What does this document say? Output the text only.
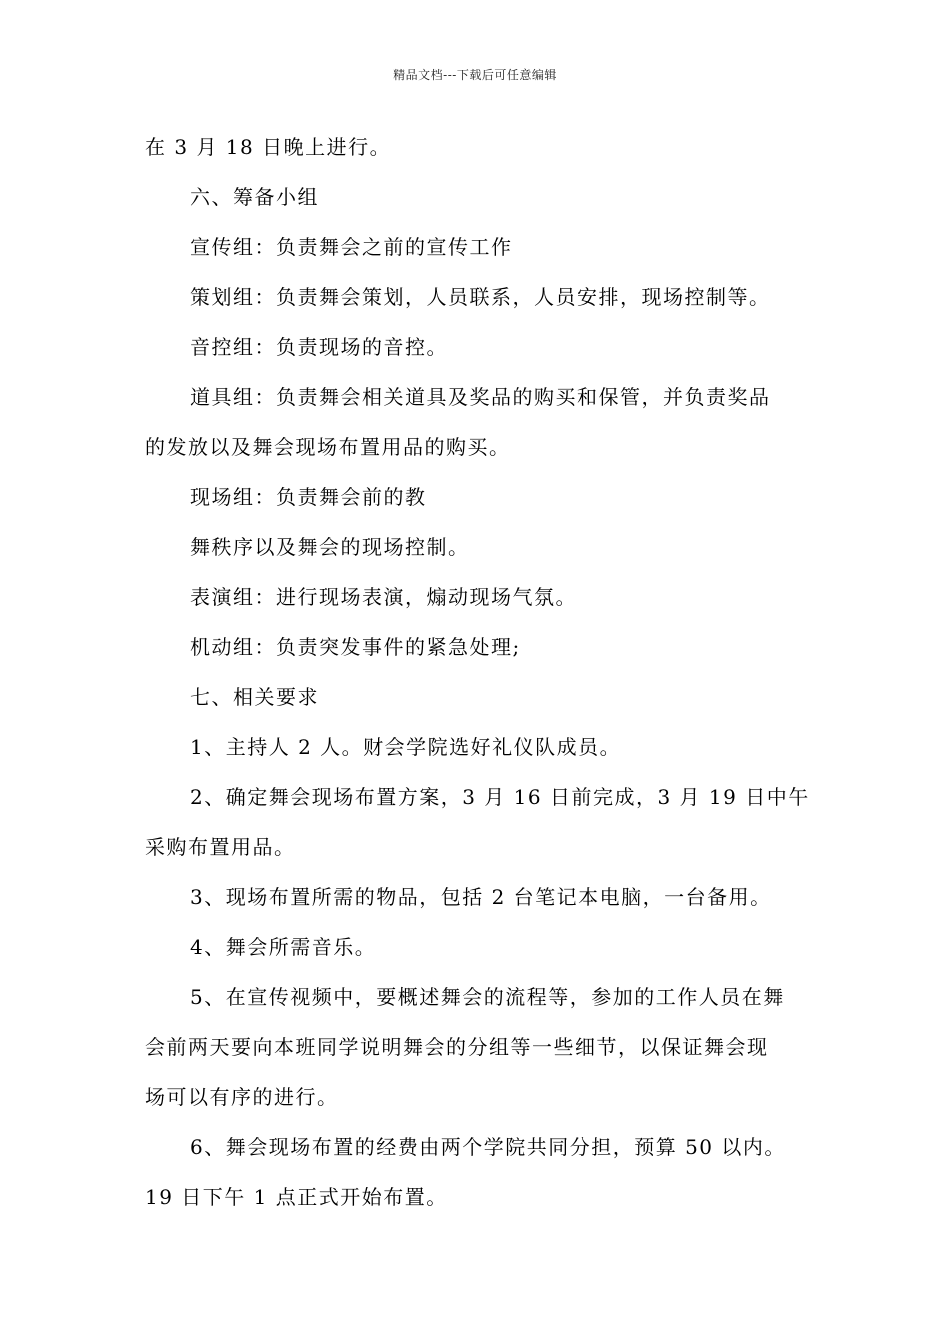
精品文档---下载后可任意编辑
在 3 月 18 日晚上进行。
六、筹备小组
宣传组：负责舞会之前的宣传工作
策划组：负责舞会策划，人员联系，人员安排，现场控制等。
音控组：负责现场的音控。
道具组：负责舞会相关道具及奖品的购买和保管，并负责奖品
的发放以及舞会现场布置用品的购买。
现场组：负责舞会前的教
舞秩序以及舞会的现场控制。
表演组：进行现场表演，煽动现场气氛。
机动组：负责突发事件的紧急处理;
七、相关要求
1、主持人 2 人。财会学院选好礼仪队成员。
2、确定舞会现场布置方案，3 月 16 日前完成，3 月 19 日中午
采购布置用品。
3、现场布置所需的物品，包括 2 台笔记本电脑，一台备用。
4、舞会所需音乐。
5、在宣传视频中，要概述舞会的流程等，参加的工作人员在舞
会前两天要向本班同学说明舞会的分组等一些细节，以保证舞会现
场可以有序的进行。
6、舞会现场布置的经费由两个学院共同分担，预算 50 以内。
19 日下午 1 点正式开始布置。
